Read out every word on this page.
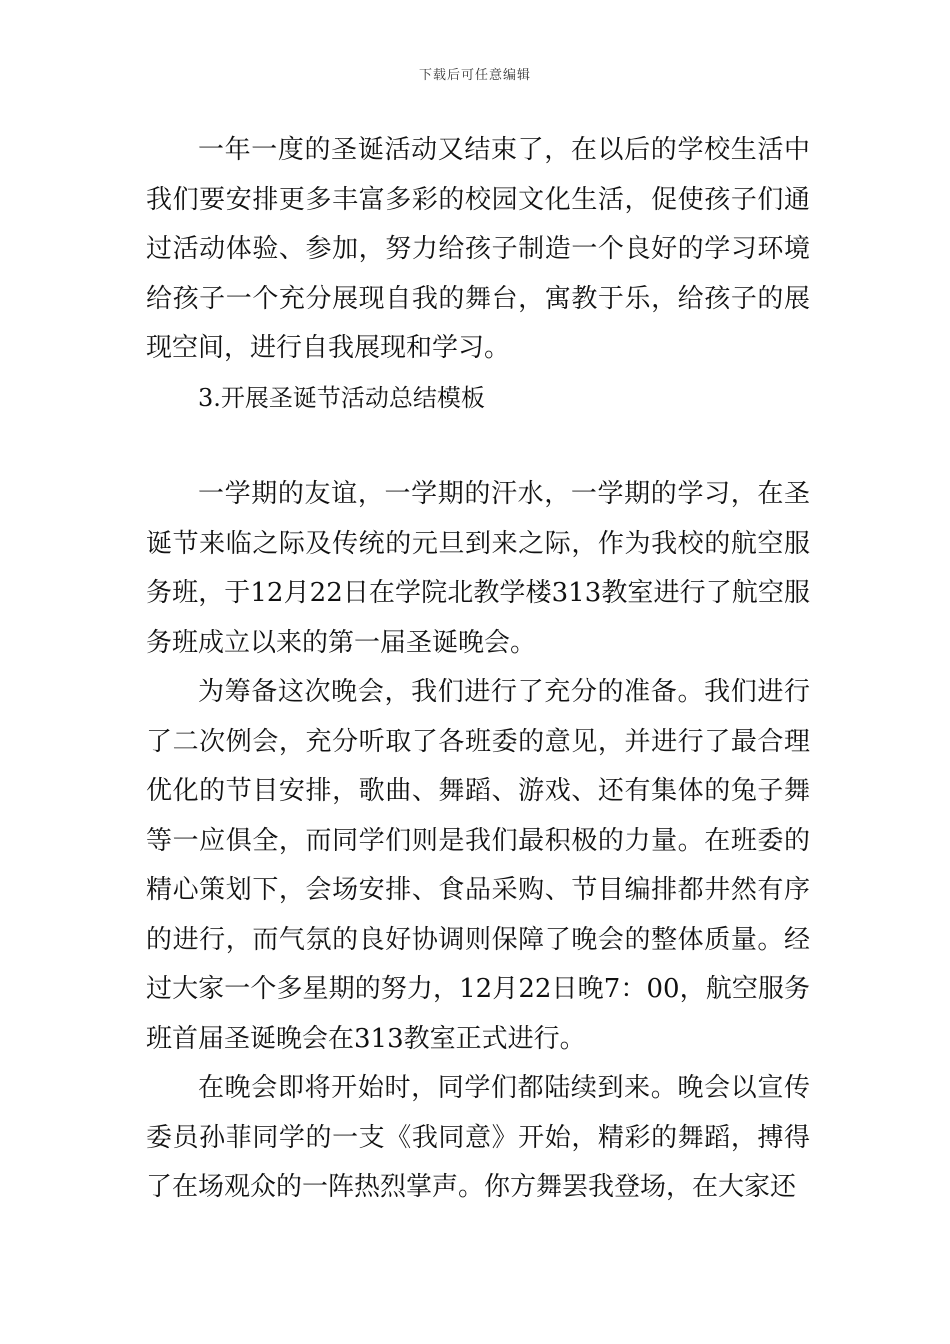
下载后可任意编辑

一年一度的圣诞活动又结束了，在以后的学校生活中我们要安排更多丰富多彩的校园文化生活，促使孩子们通过活动体验、参加，努力给孩子制造一个良好的学习环境给孩子一个充分展现自我的舞台，寓教于乐，给孩子的展现空间，进行自我展现和学习。

3.开展圣诞节活动总结模板

一学期的友谊，一学期的汗水，一学期的学习，在圣诞节来临之际及传统的元旦到来之际，作为我校的航空服务班，于12月22日在学院北教学楼313教室进行了航空服务班成立以来的第一届圣诞晚会。

为筹备这次晚会，我们进行了充分的准备。我们进行了二次例会，充分听取了各班委的意见，并进行了最合理优化的节目安排，歌曲、舞蹈、游戏、还有集体的兔子舞等一应俱全，而同学们则是我们最积极的力量。在班委的精心策划下，会场安排、食品采购、节目编排都井然有序的进行，而气氛的良好协调则保障了晚会的整体质量。经过大家一个多星期的努力，12月22日晚7：00，航空服务班首届圣诞晚会在313教室正式进行。

在晚会即将开始时，同学们都陆续到来。晚会以宣传委员孙菲同学的一支《我同意》开始，精彩的舞蹈，搏得了在场观众的一阵热烈掌声。你方舞罢我登场，在大家还
